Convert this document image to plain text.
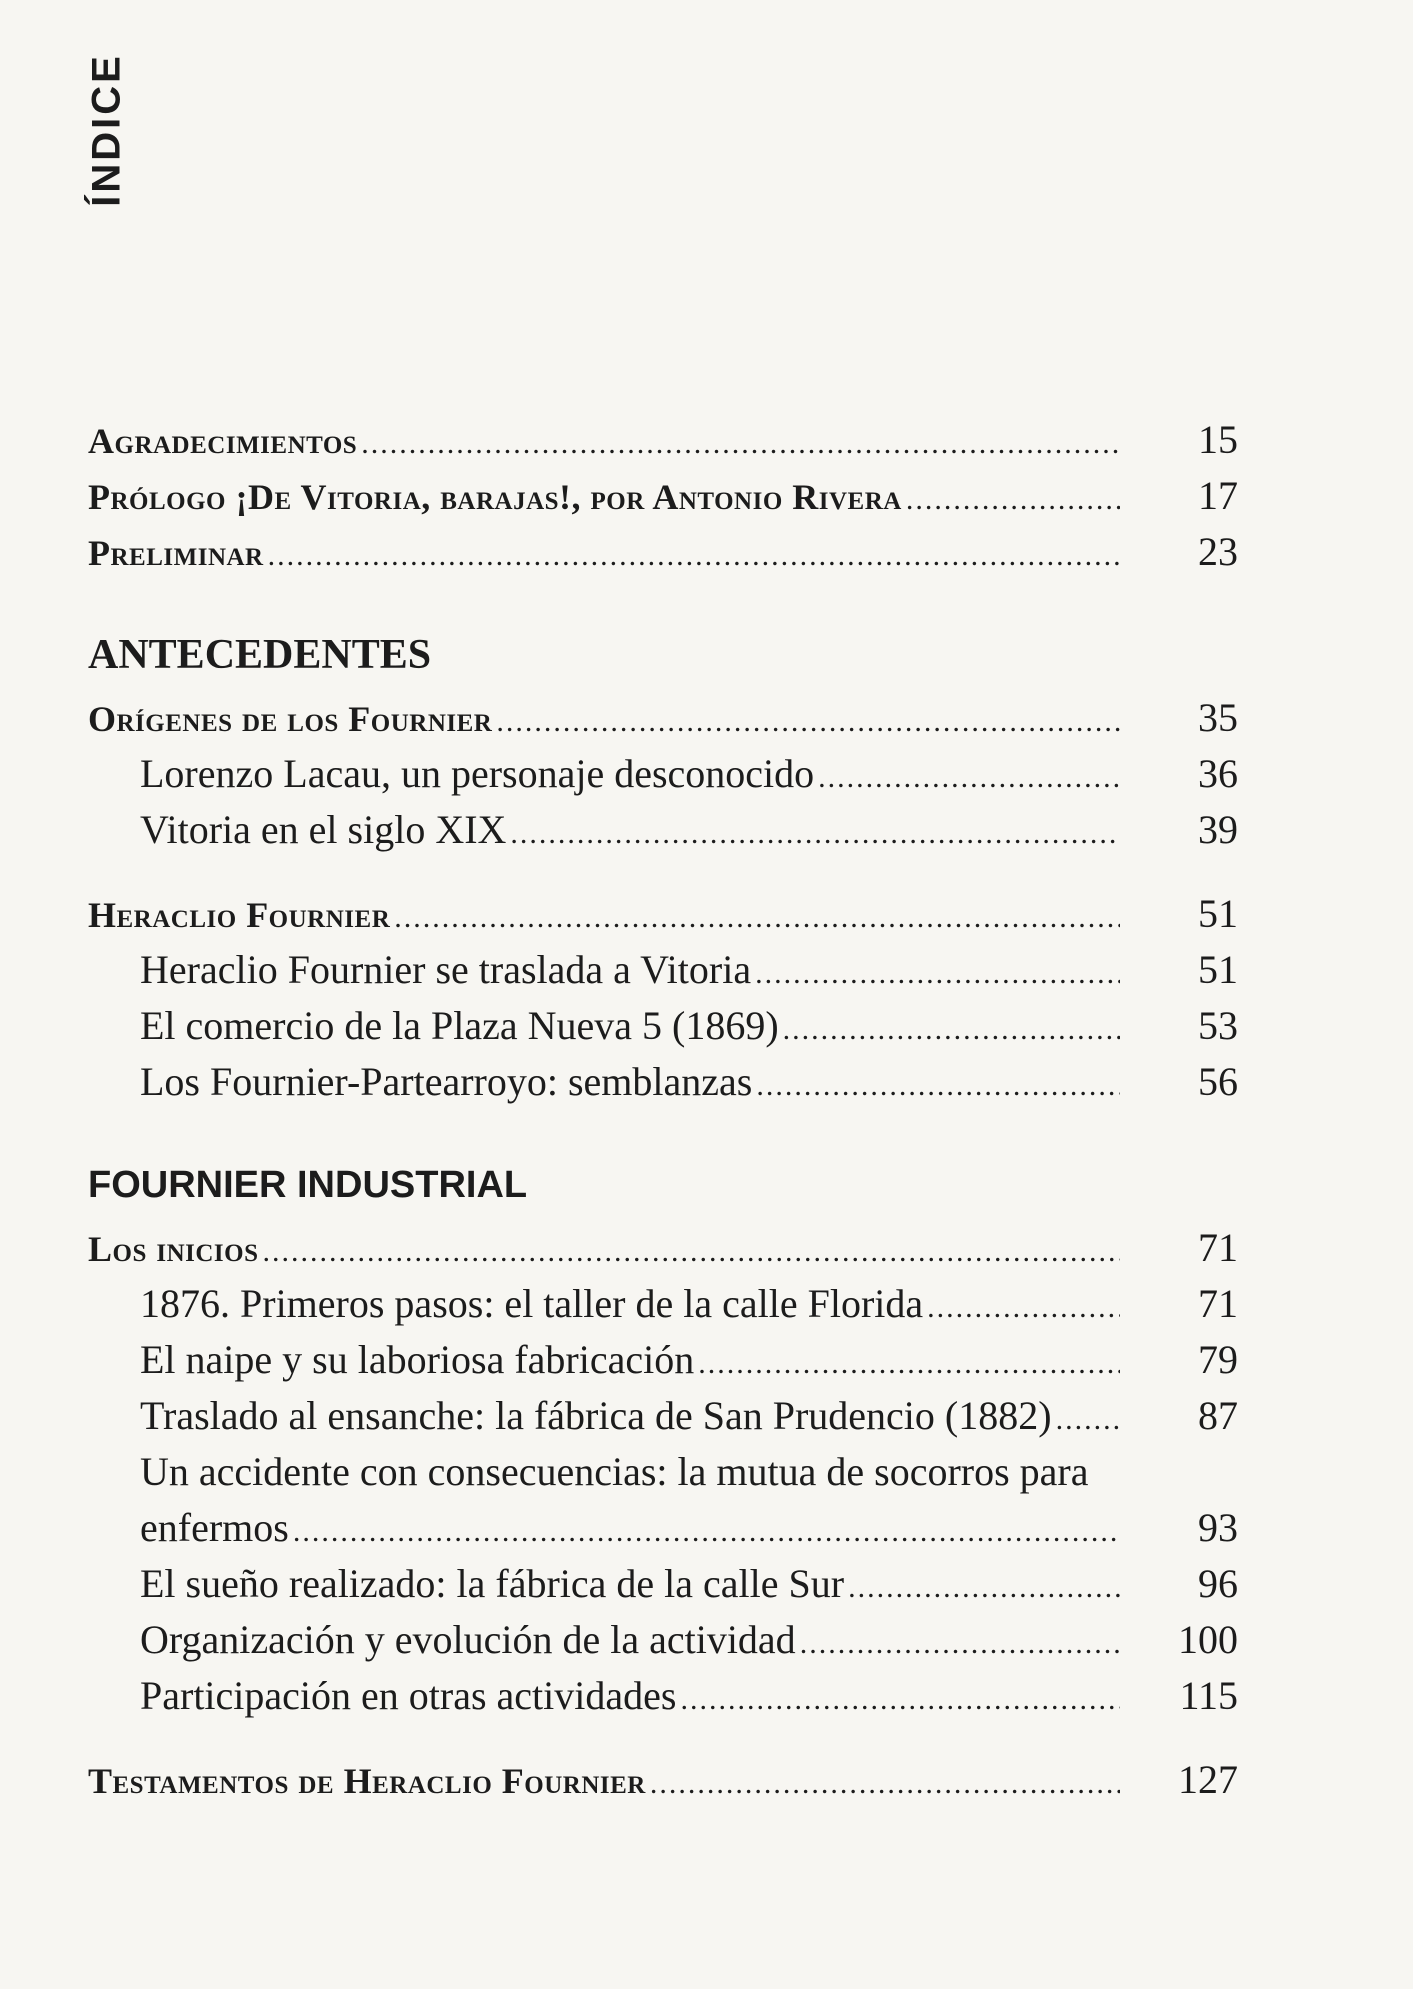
ÍNDICE
Agradecimientos .....	15
Prólogo ¡De Vitoria, barajas!, por Antonio Rivera .....	17
Preliminar .....	23
ANTECEDENTES
Orígenes de los Fournier .....	35
Lorenzo Lacau, un personaje desconocido .....	36
Vitoria en el siglo XIX .....	39
Heraclio Fournier .....	51
Heraclio Fournier se traslada a Vitoria .....	51
El comercio de la Plaza Nueva 5 (1869) .....	53
Los Fournier-Partearroyo: semblanzas .....	56
FOURNIER INDUSTRIAL
Los inicios .....	71
1876. Primeros pasos: el taller de la calle Florida .....	71
El naipe y su laboriosa fabricación .....	79
Traslado al ensanche: la fábrica de San Prudencio (1882) .....	87
Un accidente con consecuencias: la mutua de socorros para
enfermos .....	93
El sueño realizado: la fábrica de la calle Sur .....	96
Organización y evolución de la actividad .....	100
Participación en otras actividades .....	115
Testamentos de Heraclio Fournier .....	127
